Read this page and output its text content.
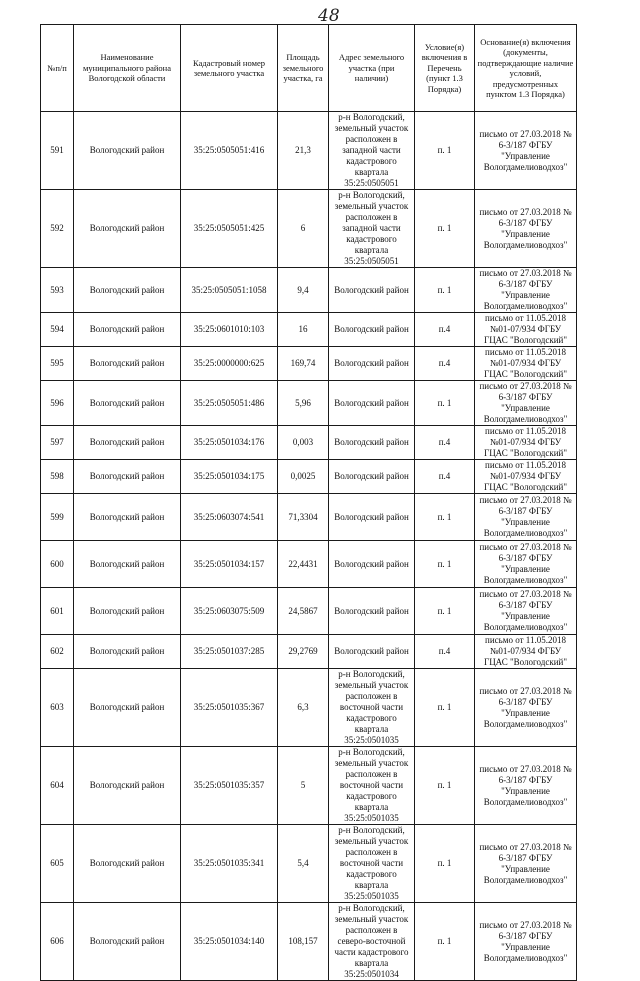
48
№п/п	Наименование муниципального района Вологодской области	Кадастровый номер земельного участка	Площадь земельного участка, га	Адрес земельного участка (при наличии)	Условие(я) включения в Перечень (пункт 1.3 Порядка)	Основание(я) включения (документы, подтверждающие наличие условий, предусмотренных пунктом 1.3 Порядка)
591	Вологодский район	35:25:0505051:416	21,3	р-н Вологодский, земельный участок расположен в западной части кадастрового квартала 35:25:0505051	п. 1	письмо от 27.03.2018 № 6-3/187 ФГБУ "Управление Вологдамелиоводхоз"
592	Вологодский район	35:25:0505051:425	6	р-н Вологодский, земельный участок расположен в западной части кадастрового квартала 35:25:0505051	п. 1	письмо от 27.03.2018 № 6-3/187 ФГБУ "Управление Вологдамелиоводхоз"
593	Вологодский район	35:25:0505051:1058	9,4	Вологодский район	п. 1	письмо от 27.03.2018 № 6-3/187 ФГБУ "Управление Вологдамелиоводхоз"
594	Вологодский район	35:25:0601010:103	16	Вологодский район	п.4	письмо от 11.05.2018 №01-07/934 ФГБУ ГЦАС "Вологодский"
595	Вологодский район	35:25:0000000:625	169,74	Вологодский район	п.4	письмо от 11.05.2018 №01-07/934 ФГБУ ГЦАС "Вологодский"
596	Вологодский район	35:25:0505051:486	5,96	Вологодский район	п. 1	письмо от 27.03.2018 № 6-3/187 ФГБУ "Управление Вологдамелиоводхоз"
597	Вологодский район	35:25:0501034:176	0,003	Вологодский район	п.4	письмо от 11.05.2018 №01-07/934 ФГБУ ГЦАС "Вологодский"
598	Вологодский район	35:25:0501034:175	0,0025	Вологодский район	п.4	письмо от 11.05.2018 №01-07/934 ФГБУ ГЦАС "Вологодский"
599	Вологодский район	35:25:0603074:541	71,3304	Вологодский район	п. 1	письмо от 27.03.2018 № 6-3/187 ФГБУ "Управление Вологдамелиоводхоз"
600	Вологодский район	35:25:0501034:157	22,4431	Вологодский район	п. 1	письмо от 27.03.2018 № 6-3/187 ФГБУ "Управление Вологдамелиоводхоз"
601	Вологодский район	35:25:0603075:509	24,5867	Вологодский район	п. 1	письмо от 27.03.2018 № 6-3/187 ФГБУ "Управление Вологдамелиоводхоз"
602	Вологодский район	35:25:0501037:285	29,2769	Вологодский район	п.4	письмо от 11.05.2018 №01-07/934 ФГБУ ГЦАС "Вологодский"
603	Вологодский район	35:25:0501035:367	6,3	р-н Вологодский, земельный участок расположен в восточной части кадастрового квартала 35:25:0501035	п. 1	письмо от 27.03.2018 № 6-3/187 ФГБУ "Управление Вологдамелиоводхоз"
604	Вологодский район	35:25:0501035:357	5	р-н Вологодский, земельный участок расположен в восточной части кадастрового квартала 35:25:0501035	п. 1	письмо от 27.03.2018 № 6-3/187 ФГБУ "Управление Вологдамелиоводхоз"
605	Вологодский район	35:25:0501035:341	5,4	р-н Вологодский, земельный участок расположен в восточной части кадастрового квартала 35:25:0501035	п. 1	письмо от 27.03.2018 № 6-3/187 ФГБУ "Управление Вологдамелиоводхоз"
606	Вологодский район	35:25:0501034:140	108,157	р-н Вологодский, земельный участок расположен в северо-восточной части кадастрового квартала 35:25:0501034	п. 1	письмо от 27.03.2018 № 6-3/187 ФГБУ "Управление Вологдамелиоводхоз"
